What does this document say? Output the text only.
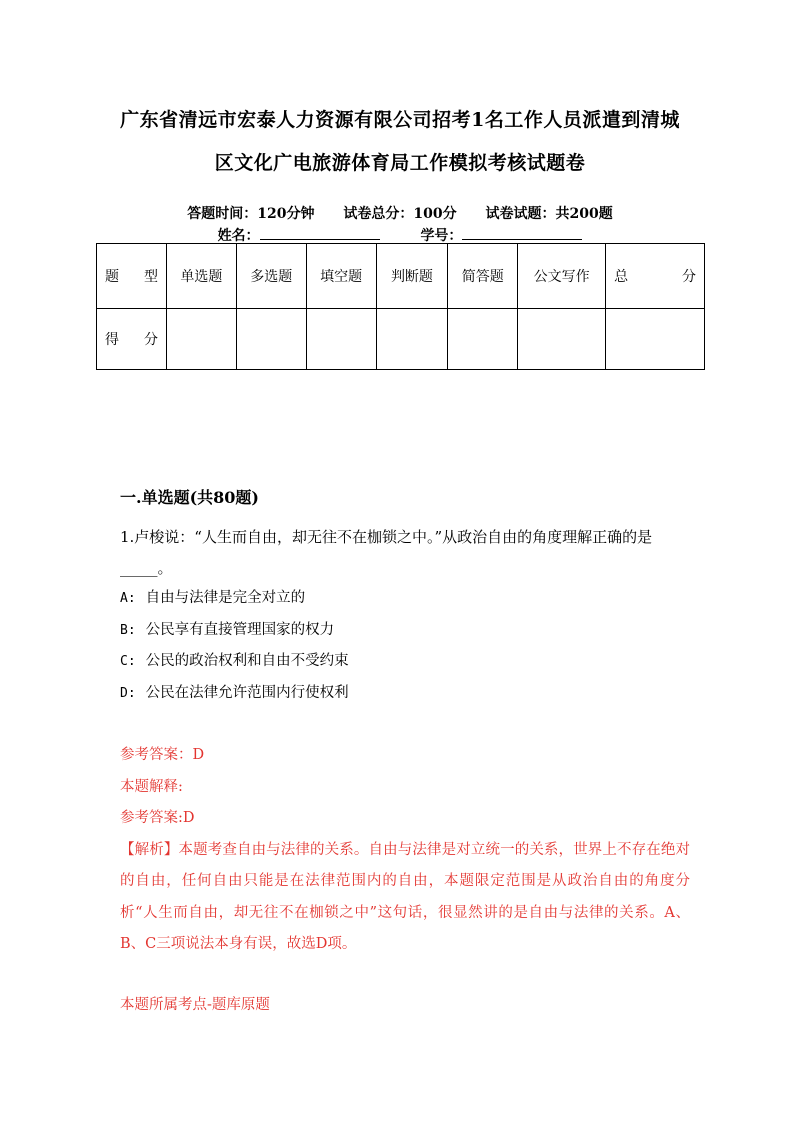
广东省清远市宏泰人力资源有限公司招考1名工作人员派遣到清城
区文化广电旅游体育局工作模拟考核试题卷
答题时间：120分钟 试卷总分：100分 试卷试题：共200题
姓名：	学号：
题 型	单选题	多选题	填空题	判断题	简答题	公文写作	总 分

得 分							

一.单选题(共80题)
1.卢梭说：“人生而自由，却无往不在枷锁之中。”从政治自由的角度理解正确的是_____。
A: 自由与法律是完全对立的
B: 公民享有直接管理国家的权力
C: 公民的政治权利和自由不受约束
D: 公民在法律允许范围内行使权利
参考答案：D
本题解释:
参考答案:D
【解析】本题考查自由与法律的关系。自由与法律是对立统一的关系，世界上不存在绝对的自由，任何自由只能是在法律范围内的自由，本题限定范围是从政治自由的角度分析“人生而自由，却无往不在枷锁之中”这句话，很显然讲的是自由与法律的关系。A、B、C三项说法本身有误，故选D项。
本题所属考点-题库原题
